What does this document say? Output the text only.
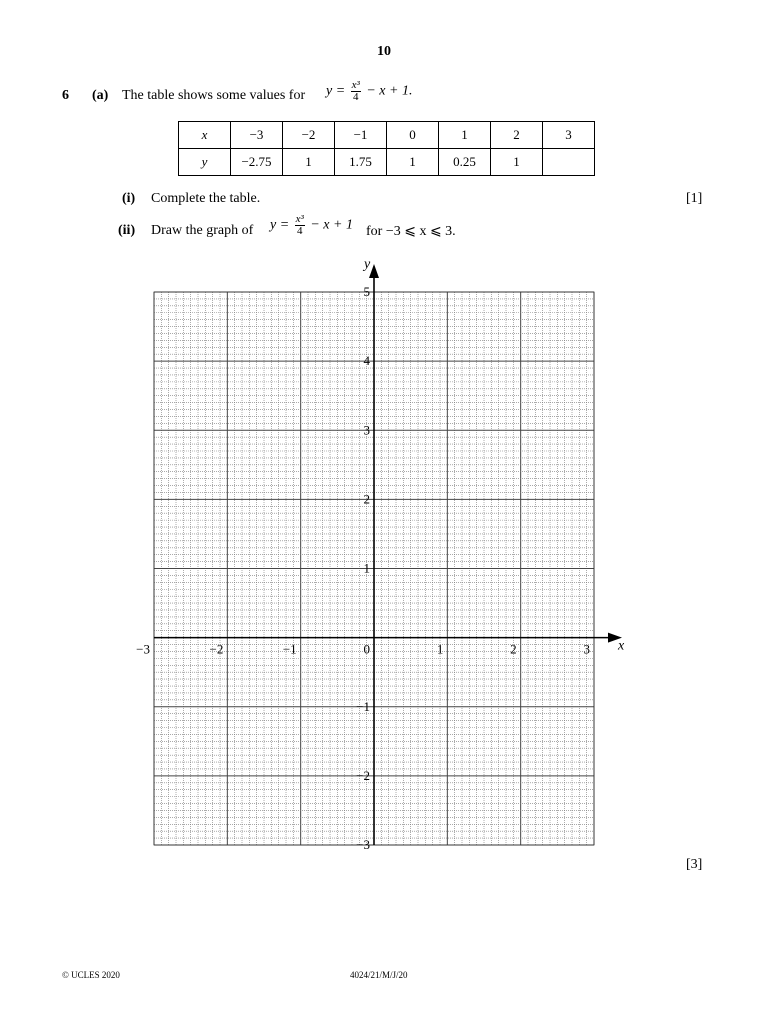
10
6 (a) The table shows some values for $y = \frac{\text{x³}}{4} - x + 1$.
x	−3	−2	−1	0	1	2	3
y	−2.75	1	1.75	1	0.25	1	
(i) Complete the table.	[1]
(ii) Draw the graph of $y = \frac{\text{x³}}{4} - x + 1$ for −3 ⩽ x ⩽ 3.
x
y
−3	−2	−1	1	2	3
0
−3
−2
−1
1
2
3
4
5
[3]
© UCLES 2020	4024/21/M/J/20
